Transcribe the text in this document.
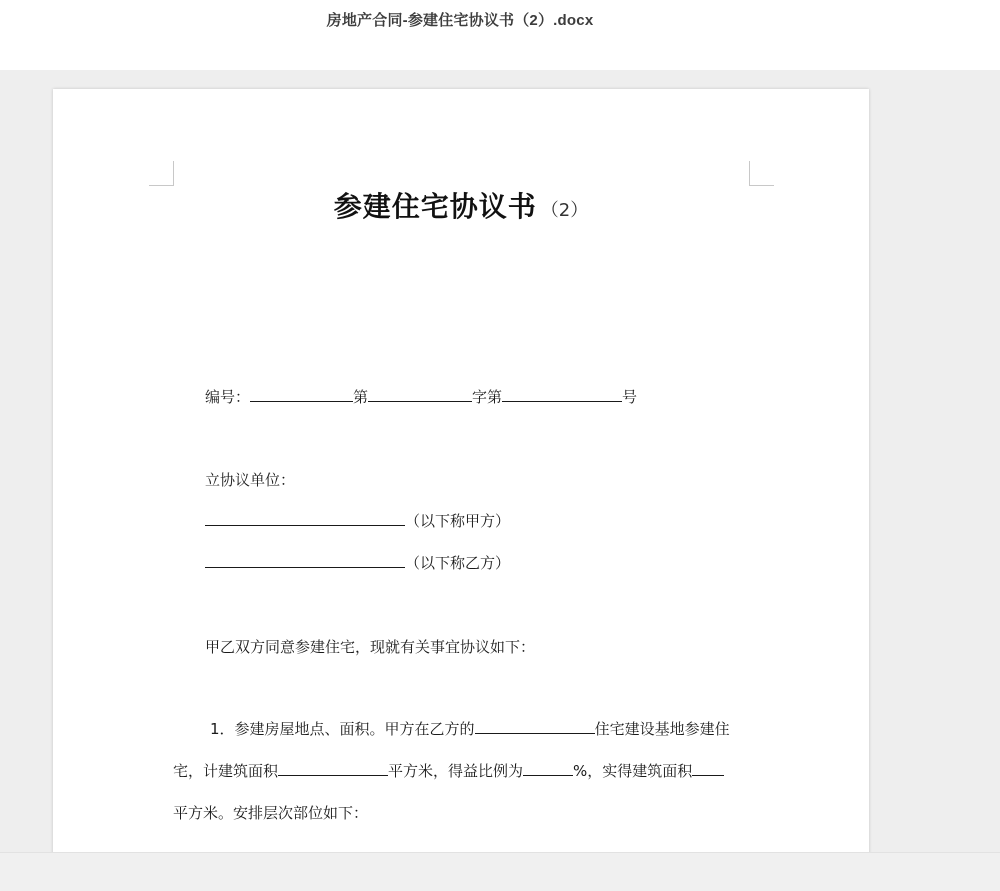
房地产合同-参建住宅协议书（2）.docx
参建住宅协议书 （2）
编号：	第	字第	号
立协议单位：
（以下称甲方）
（以下称乙方）
甲乙双方同意参建住宅，现就有关事宜协议如下：
1．参建房屋地点、面积。甲方在乙方的	住宅建设基地参建住
宅，计建筑面积	平方米，得益比例为	%，实得建筑面积
平方米。安排层次部位如下：
